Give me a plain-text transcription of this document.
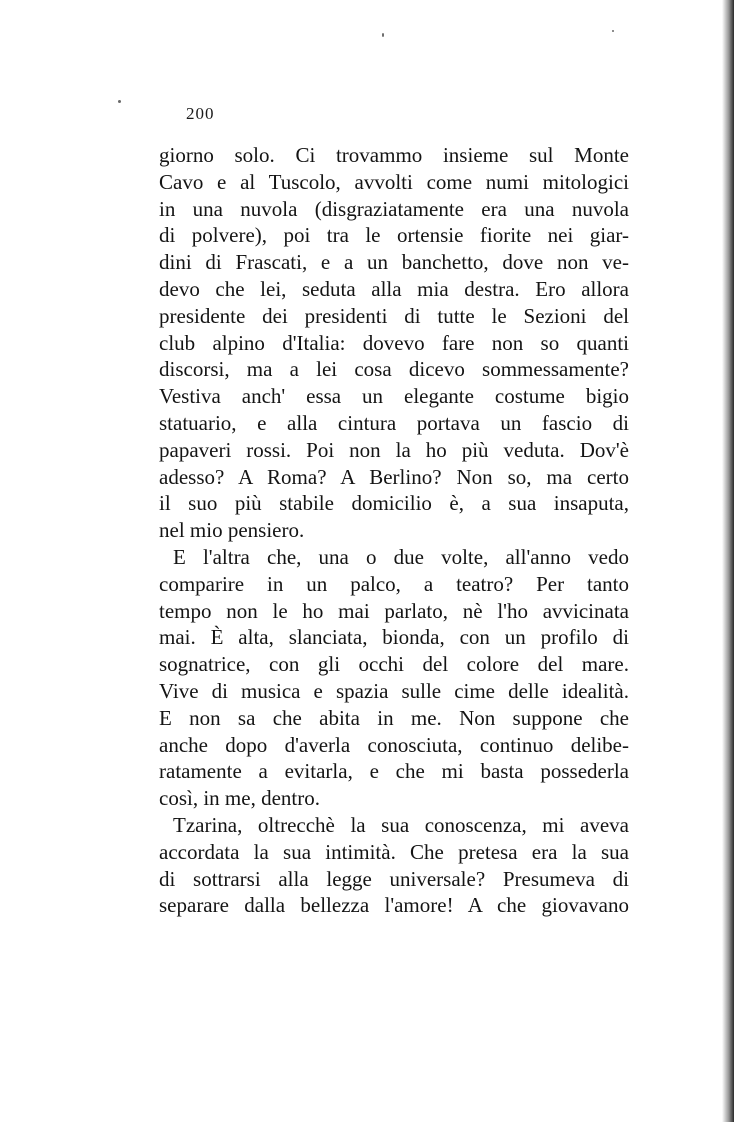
200
giorno solo. Ci trovammo insieme sul Monte
Cavo e al Tuscolo, avvolti come numi mitologici
in una nuvola (disgraziatamente era una nuvola
di polvere), poi tra le ortensie fiorite nei giar-
dini di Frascati, e a un banchetto, dove non ve-
devo che lei, seduta alla mia destra. Ero allora
presidente dei presidenti di tutte le Sezioni del
club alpino d'Italia: dovevo fare non so quanti
discorsi, ma a lei cosa dicevo sommessamente?
Vestiva anch' essa un elegante costume bigio
statuario, e alla cintura portava un fascio di
papaveri rossi. Poi non la ho più veduta. Dov'è
adesso? A Roma? A Berlino? Non so, ma certo
il suo più stabile domicilio è, a sua insaputa,
nel mio pensiero.
E l'altra che, una o due volte, all'anno vedo
comparire in un palco, a teatro? Per tanto
tempo non le ho mai parlato, nè l'ho avvicinata
mai. È alta, slanciata, bionda, con un profilo di
sognatrice, con gli occhi del colore del mare.
Vive di musica e spazia sulle cime delle idealità.
E non sa che abita in me. Non suppone che
anche dopo d'averla conosciuta, continuo delibe-
ratamente a evitarla, e che mi basta possederla
così, in me, dentro.
Tzarina, oltrecchè la sua conoscenza, mi aveva
accordata la sua intimità. Che pretesa era la sua
di sottrarsi alla legge universale? Presumeva di
separare dalla bellezza l'amore! A che giovavano
